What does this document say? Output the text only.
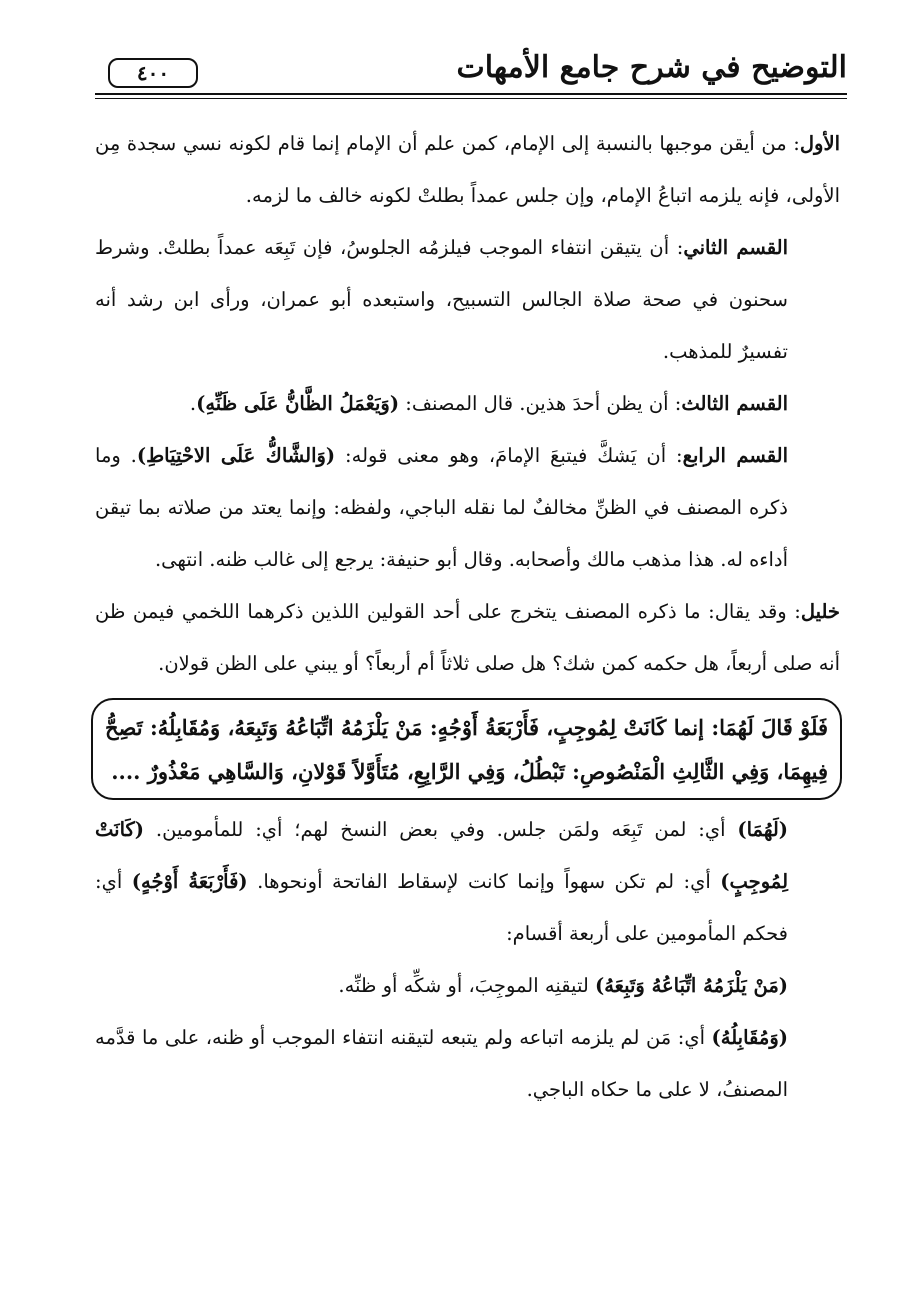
التوضيح في شرح جامع الأمهات
٤٠٠

الأول: من أيقن موجبها بالنسبة إلى الإمام، كمن علم أن الإمام إنما قام لكونه نسي سجدة مِن الأولى، فإنه يلزمه اتباعُ الإمام، وإن جلس عمداً بطلتْ لكونه خالف ما لزمه.

القسم الثاني: أن يتيقن انتفاء الموجب فيلزمُه الجلوسُ، فإن تَبِعَه عمداً بطلتْ. وشرط سحنون في صحة صلاة الجالس التسبيح، واستبعده أبو عمران، ورأى ابن رشد أنه تفسيرٌ للمذهب.

القسم الثالث: أن يظن أحدَ هذين. قال المصنف: (وَيَعْمَلُ الظَّانُّ عَلَى ظَنِّهِ).

القسم الرابع: أن يَشكَّ فيتبعَ الإمامَ، وهو معنى قوله: (وَالشَّاكُّ عَلَى الاحْتِيَاطِ). وما ذكره المصنف في الظنِّ مخالفٌ لما نقله الباجي، ولفظه: وإنما يعتد من صلاته بما تيقن أداءه له. هذا مذهب مالك وأصحابه. وقال أبو حنيفة: يرجع إلى غالب ظنه. انتهى.

خليل: وقد يقال: ما ذكره المصنف يتخرج على أحد القولين اللذين ذكرهما اللخمي فيمن ظن أنه صلى أربعاً، هل حكمه كمن شك؟ هل صلى ثلاثاً أم أربعاً؟ أو يبني على الظن قولان.

فَلَوْ قَالَ لَهُمَا: إنما كَانَتْ لِمُوجِبٍ، فَأَرْبَعَةُ أَوْجُهٍ: مَنْ يَلْزَمُهُ اتِّبَاعُهُ وَتَبِعَهُ، وَمُقَابِلُهُ: تَصِحُّ فِيهِمَا، وَفِي الثَّالِثِ الْمَنْصُوصِ: تَبْطُلُ، وَفِي الرَّابِعِ، مُتَأَوَّلاً قَوْلانِ، وَالسَّاهِي مَعْذُورٌ ....

(لَهُمَا) أي: لمن تَبِعَه ولمَن جلس. وفي بعض النسخ لهم؛ أي: للمأمومين. (كَانَتْ لِمُوجِبٍ) أي: لم تكن سهواً وإنما كانت لإسقاط الفاتحة أونحوها. (فَأَرْبَعَةُ أَوْجُهٍ) أي: فحكم المأمومين على أربعة أقسام:

(مَنْ يَلْزَمُهُ اتِّبَاعُهُ وَتَبِعَهُ) لتيقنِه الموجِبَ، أو شكِّه أو ظنِّه.

(وَمُقَابِلُهُ) أي: مَن لم يلزمه اتباعه ولم يتبعه لتيقنه انتفاء الموجب أو ظنه، على ما قدَّمه المصنفُ، لا على ما حكاه الباجي.
